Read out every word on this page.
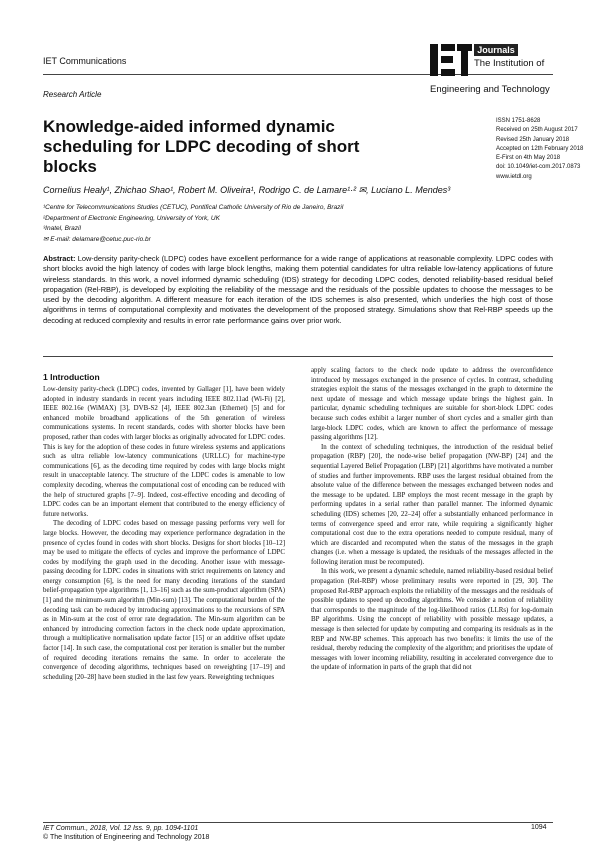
IET Communications
Research Article
Journals
The Institution of
Engineering and Technology
Knowledge-aided informed dynamic scheduling for LDPC decoding of short blocks
ISSN 1751-8628
Received on 25th August 2017
Revised 25th January 2018
Accepted on 12th February 2018
E-First on 4th May 2018
doi: 10.1049/iet-com.2017.0873
www.ietdl.org
Cornelius Healy¹, Zhichao Shao¹, Robert M. Oliveira¹, Rodrigo C. de Lamare¹·² ✉, Luciano L. Mendes³
¹Centre for Telecommunications Studies (CETUC), Pontifical Catholic University of Rio de Janeiro, Brazil
²Department of Electronic Engineering, University of York, UK
³Inatel, Brazil
✉ E-mail: delamare@cetuc.puc-rio.br
Abstract: Low-density parity-check (LDPC) codes have excellent performance for a wide range of applications at reasonable complexity. LDPC codes with short blocks avoid the high latency of codes with large block lengths, making them potential candidates for ultra reliable low-latency applications of future wireless standards. In this work, a novel informed dynamic scheduling (IDS) strategy for decoding LDPC codes, denoted reliability-based residual belief propagation (Rel-RBP), is developed by exploiting the reliability of the message and the residuals of the possible updates to choose the messages to be used by the decoding algorithm. A different measure for each iteration of the IDS schemes is also presented, which underlies the high cost of those algorithms in terms of computational complexity and motivates the development of the proposed strategy. Simulations show that Rel-RBP speeds up the decoding at reduced complexity and results in error rate performance gains over prior work.
1 Introduction

Low-density parity-check (LDPC) codes, invented by Gallager [1], have been widely adopted in industry standards in recent years including IEEE 802.11ad (Wi-Fi) [2], IEEE 802.16e (WiMAX) [3], DVB-S2 [4], IEEE 802.3an (Ethernet) [5] and for enhanced mobile broadband applications of the 5th generation of wireless communications systems. In recent standards, codes with shorter blocks have been proposed, rather than codes with larger blocks as originally advocated for LDPC codes. This is key for the adoption of these codes in future wireless systems and applications such as ultra reliable low-latency communications (URLLC) for machine-type communications [6], as the decoding time required by codes with large blocks might result in unacceptable latency. The structure of the LDPC codes is amenable to low complexity decoding, whereas the computational cost of encoding can be reduced with the help of structured graphs [7–9]. Indeed, cost-effective encoding and decoding of LDPC codes can be an important element that contributed to the energy efficiency of future networks.

The decoding of LDPC codes based on message passing performs very well for large blocks. However, the decoding may experience performance degradation in the presence of cycles found in codes with short blocks. Designs for short blocks [10–12] may be used to mitigate the effects of cycles and improve the performance of LDPC codes by modifying the graph used in the decoding. Another issue with message-passing decoding for LDPC codes in situations with strict requirements on latency and energy consumption [6], is the need for many decoding iterations of the standard belief-propagation type algorithms [1, 13–16] such as the sum-product algorithm (SPA) [1] and the minimum-sum algorithm (Min-sum) [13]. The computational burden of the decoding task can be reduced by introducing approximations to the recursions of SPA as in Min-sum at the cost of error rate degradation. The Min-sum algorithm can be enhanced by introducing correction factors in the check node update approximation, through a multiplicative normalisation update factor [15] or an additive offset update factor [14]. In such case, the computational cost per iteration is smaller but the number of required decoding iterations remains the same. In order to accelerate the convergence of decoding algorithms, techniques based on reweighting [17–19] and scheduling [20–28] have been studied in the last few years. Reweighting techniques

apply scaling factors to the check node update to address the overconfidence introduced by messages exchanged in the presence of cycles. In contrast, scheduling strategies exploit the status of the messages exchanged in the graph to determine the next update of message and which message update brings the highest gain. In particular, dynamic scheduling techniques are suitable for short-block LDPC codes because such codes exhibit a larger number of short cycles and a smaller girth than large-block LDPC codes, which are known to affect the performance of message passing algorithms [12].

In the context of scheduling techniques, the introduction of the residual belief propagation (RBP) [20], the node-wise belief propagation (NW-BP) [24] and the sequential Layered Belief Propagation (LBP) [21] algorithms have motivated a number of studies and further improvements. RBP uses the largest residual obtained from the absolute value of the difference between the messages exchanged between nodes and the message to be updated. LBP employs the most recent message in the graph by performing updates in a serial rather than parallel manner. The informed dynamic scheduling (IDS) schemes [20, 22–24] offer a substantially enhanced performance in terms of convergence speed and error rate, while requiring a significantly higher computational cost due to the extra operations needed to compute residual, many of which are discarded and recomputed when the status of the messages in the graph changes (i.e. when a message is updated, the residuals of the messages affected in the following iteration must be recomputed).

In this work, we present a dynamic schedule, named reliability-based residual belief propagation (Rel-RBP) whose preliminary results were reported in [29, 30]. The proposed Rel-RBP approach exploits the reliability of the messages and the residuals of possible updates to speed up decoding algorithms. We consider a notion of reliability that corresponds to the magnitude of the log-likelihood ratios (LLRs) for log-domain BP algorithms. Using the concept of reliability with possible message updates, a message is then selected for update by computing and comparing its residuals as in the RBP and NW-BP schemes. This approach has two benefits: it limits the use of the residual, thereby reducing the complexity of the algorithm; and prioritises the update of messages with lower incoming reliability, resulting in accelerated convergence due to the update of information in parts of the graph that did not

IET Commun., 2018, Vol. 12 Iss. 9, pp. 1094-1101
© The Institution of Engineering and Technology 2018
1094
